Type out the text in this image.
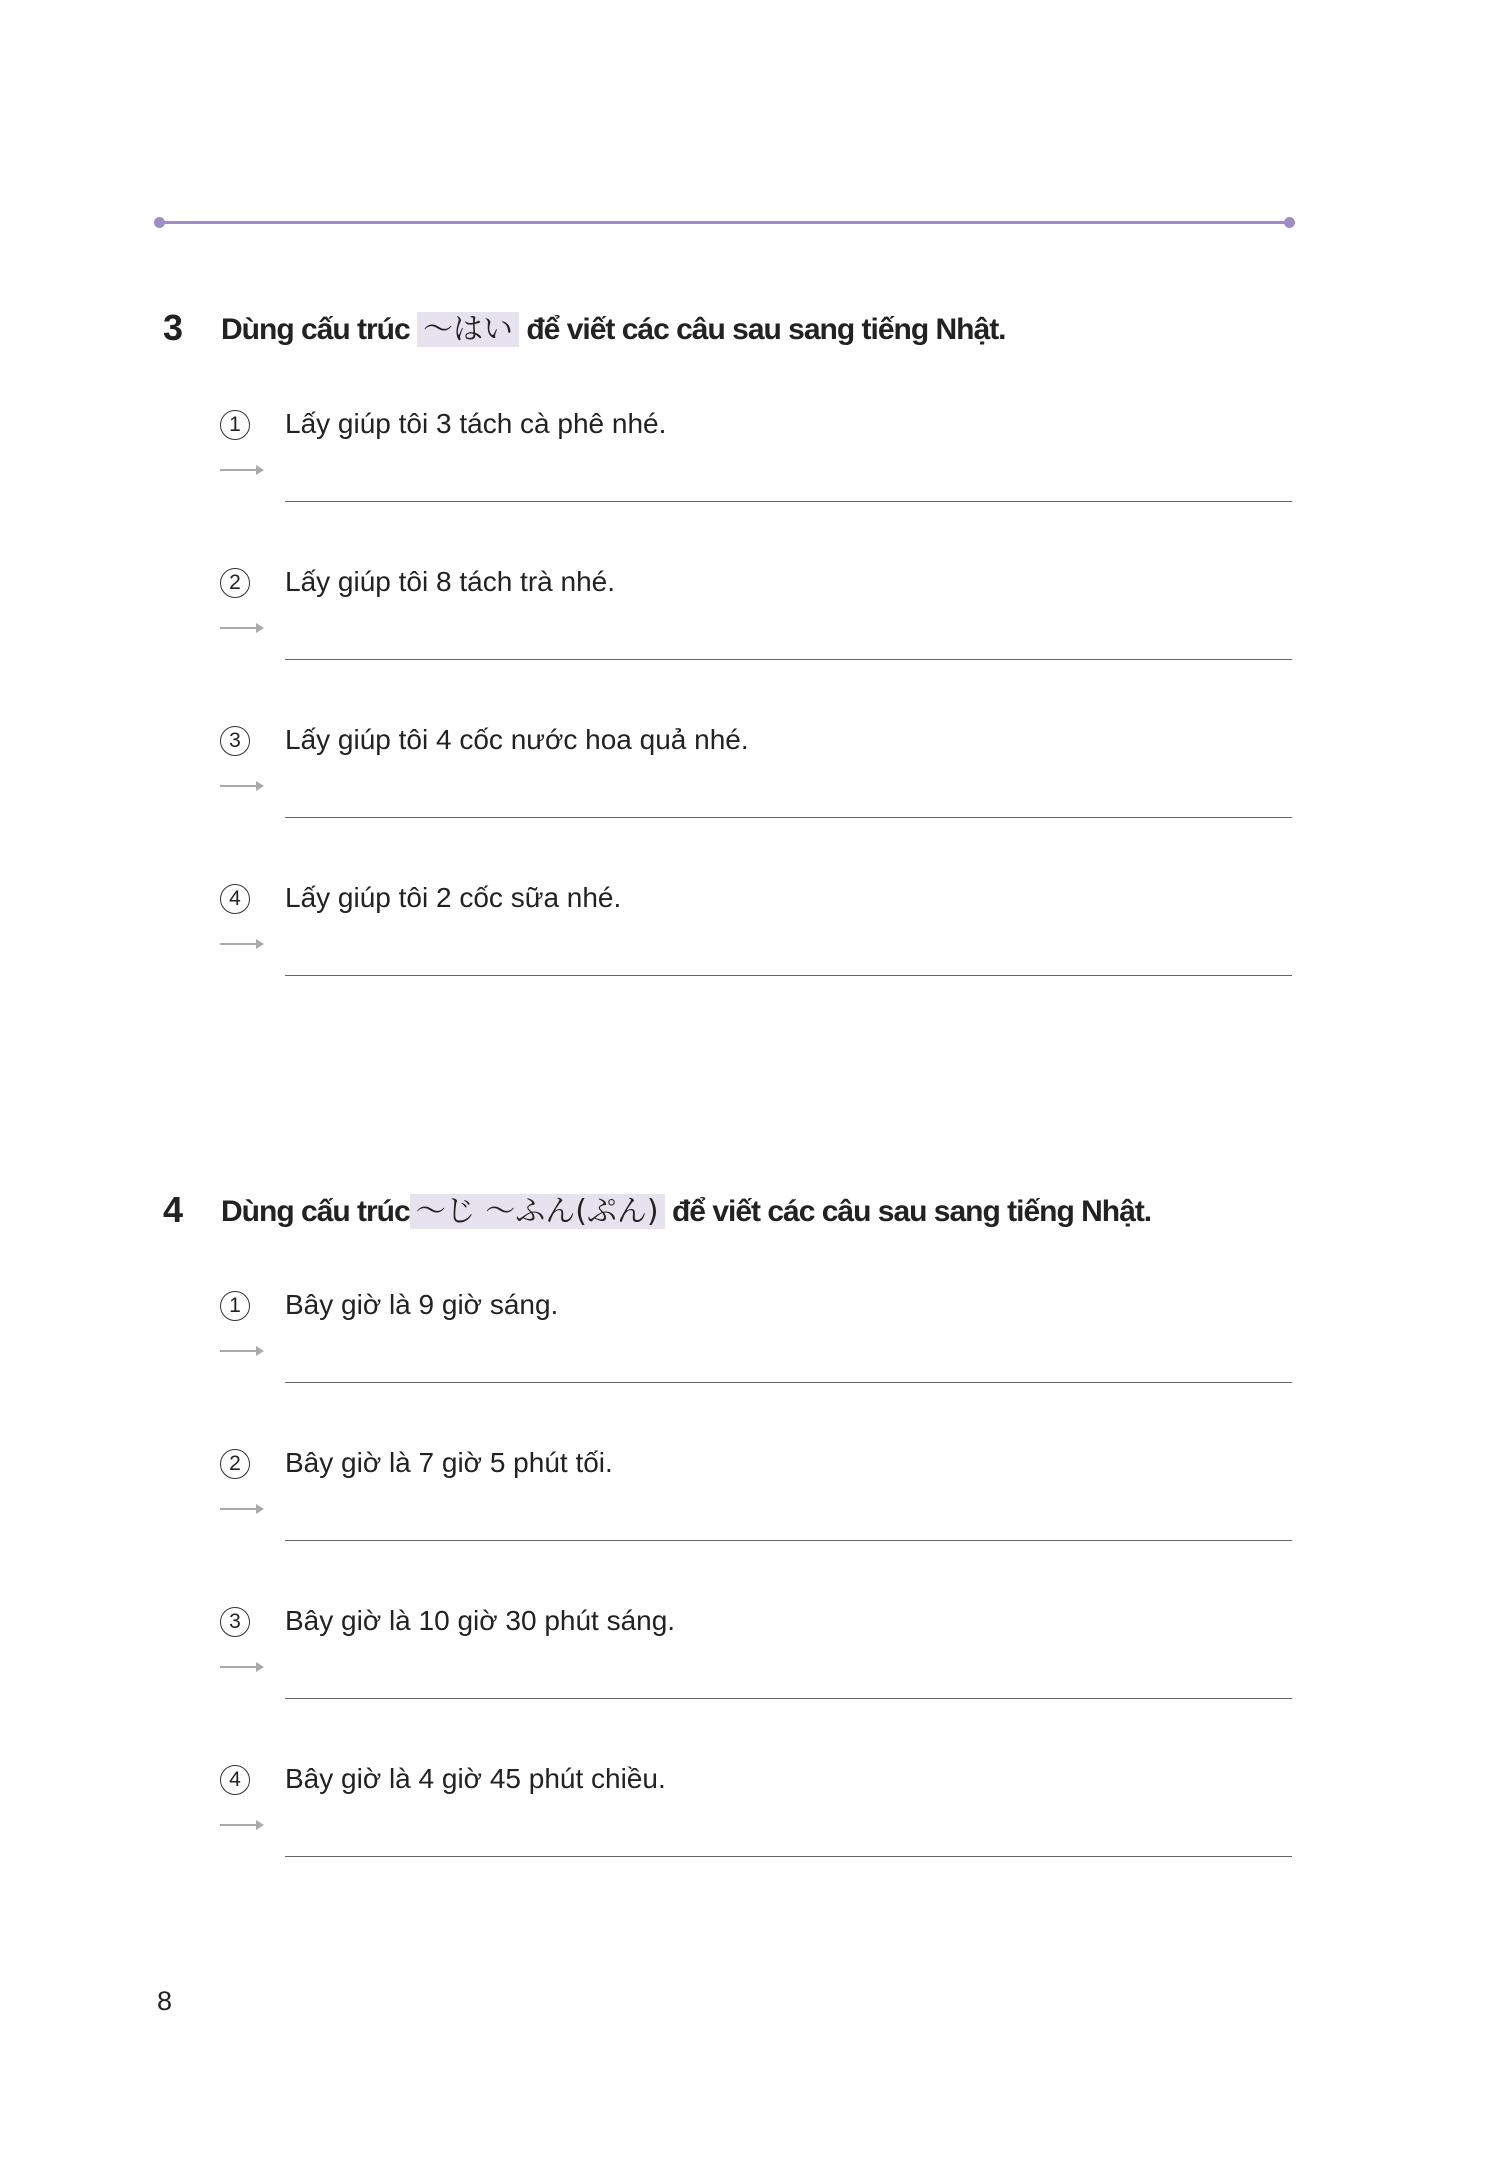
3 Dùng cấu trúc ～はい để viết các câu sau sang tiếng Nhật.
1	Lấy giúp tôi 3 tách cà phê nhé.
2	Lấy giúp tôi 8 tách trà nhé.
3	Lấy giúp tôi 4 cốc nước hoa quả nhé.
4	Lấy giúp tôi 2 cốc sữa nhé.
4 Dùng cấu trúc ～じ ～ふん(ぷん) để viết các câu sau sang tiếng Nhật.
1	Bây giờ là 9 giờ sáng.
2	Bây giờ là 7 giờ 5 phút tối.
3	Bây giờ là 10 giờ 30 phút sáng.
4	Bây giờ là 4 giờ 45 phút chiều.
8
